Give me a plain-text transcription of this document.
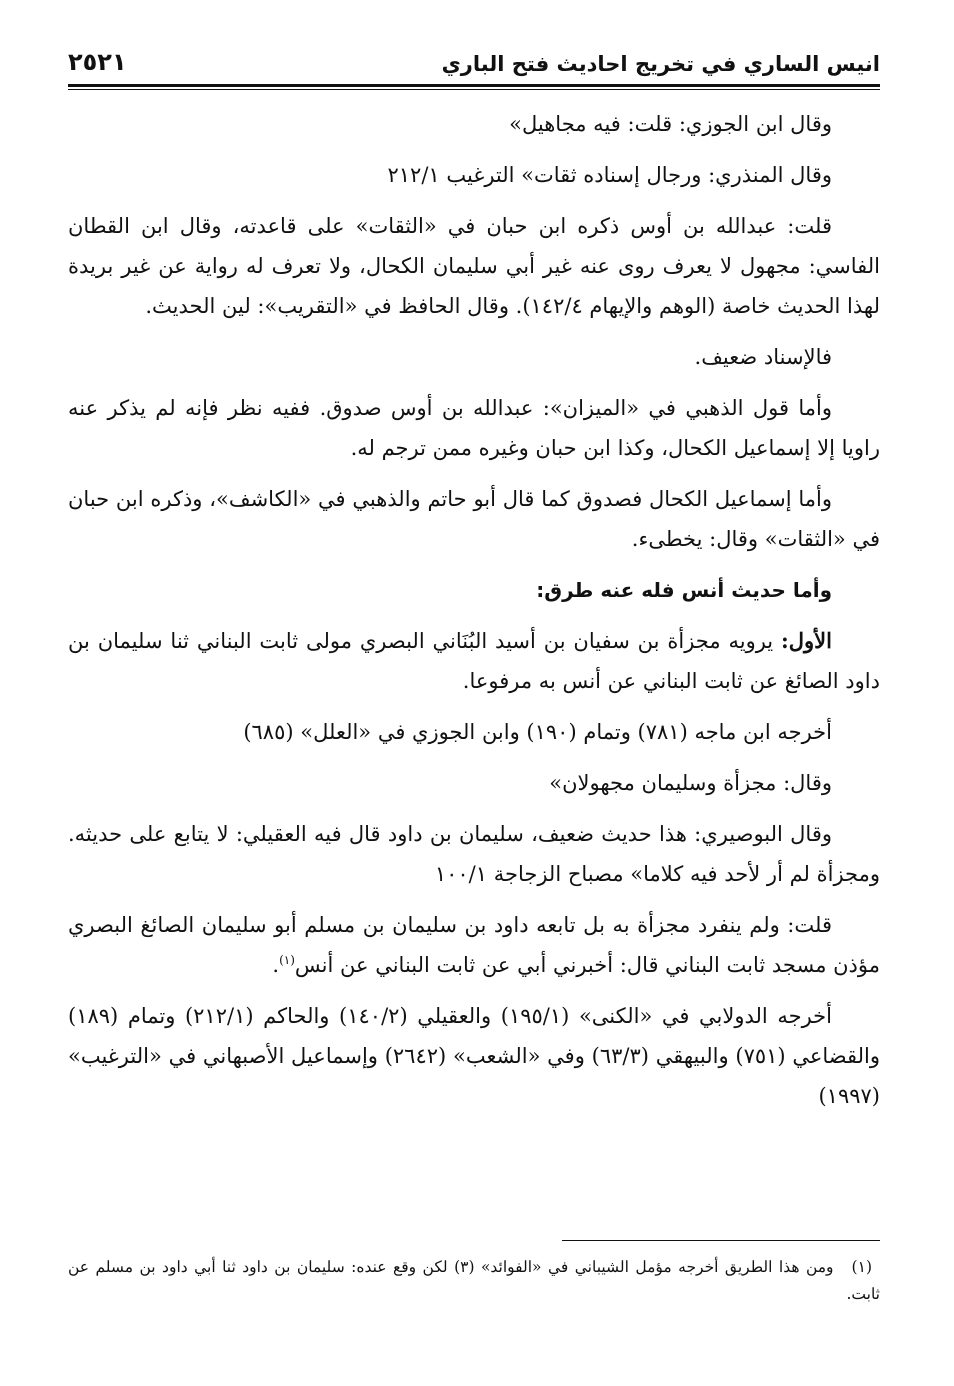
انيس الساري في تخريج احاديث فتح الباري
٢٥٢١

وقال ابن الجوزي: قلت: فيه مجاهيل»

وقال المنذري: ورجال إسناده ثقات» الترغيب ٢١٢/١

قلت: عبدالله بن أوس ذكره ابن حبان في «الثقات» على قاعدته، وقال ابن القطان الفاسي: مجهول لا يعرف روى عنه غير أبي سليمان الكحال، ولا تعرف له رواية عن غير بريدة لهذا الحديث خاصة (الوهم والإيهام ١٤٢/٤). وقال الحافظ في «التقريب»: لين الحديث.

فالإسناد ضعيف.

وأما قول الذهبي في «الميزان»: عبدالله بن أوس صدوق. ففيه نظر فإنه لم يذكر عنه راويا إلا إسماعيل الكحال، وكذا ابن حبان وغيره ممن ترجم له.

وأما إسماعيل الكحال فصدوق كما قال أبو حاتم والذهبي في «الكاشف»، وذكره ابن حبان في «الثقات» وقال: يخطىء.

وأما حديث أنس فله عنه طرق:

الأول: يرويه مجزأة بن سفيان بن أسيد البُنَاني البصري مولى ثابت البناني ثنا سليمان بن داود الصائغ عن ثابت البناني عن أنس به مرفوعا.

أخرجه ابن ماجه (٧٨١) وتمام (١٩٠) وابن الجوزي في «العلل» (٦٨٥)

وقال: مجزأة وسليمان مجهولان»

وقال البوصيري: هذا حديث ضعيف، سليمان بن داود قال فيه العقيلي: لا يتابع على حديثه. ومجزأة لم أر لأحد فيه كلاما» مصباح الزجاجة ١٠٠/١

قلت: ولم ينفرد مجزأة به بل تابعه داود بن سليمان بن مسلم أبو سليمان الصائغ البصري مؤذن مسجد ثابت البناني قال: أخبرني أبي عن ثابت البناني عن أنس$^{(١)}$.

أخرجه الدولابي في «الكنى» (١٩٥/١) والعقيلي (١٤٠/٢) والحاكم (٢١٢/١) وتمام (١٨٩) والقضاعي (٧٥١) والبيهقي (٦٣/٣) وفي «الشعب» (٢٦٤٢) وإسماعيل الأصبهاني في «الترغيب» (١٩٩٧)

(١)ومن هذا الطريق أخرجه مؤمل الشيباني في «الفوائد» (٣) لكن وقع عنده: سليمان بن داود ثنا أبي داود بن مسلم عن ثابت.
